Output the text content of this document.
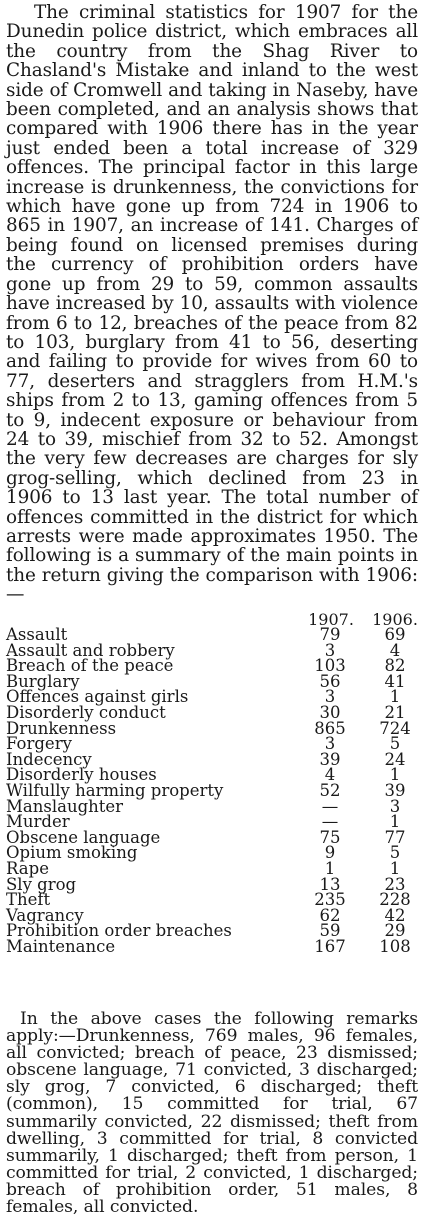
The criminal statistics for 1907 for the Dunedin police district, which embraces all the country from the Shag River to Chasland's Mistake and inland to the west side of Cromwell and taking in Naseby, have been completed, and an analysis shows that compared with 1906 there has in the year just ended been a total increase of 329 offences. The principal factor in this large increase is drunkenness, the convictions for which have gone up from 724 in 1906 to 865 in 1907, an increase of 141. Charges of being found on licensed premises during the currency of prohibition orders have gone up from 29 to 59, common assaults have increased by 10, assaults with violence from 6 to 12, breaches of the peace from 82 to 103, burglary from 41 to 56, deserting and failing to provide for wives from 60 to 77, deserters and stragglers from H.M.'s ships from 2 to 13, gaming offences from 5 to 9, indecent exposure or behaviour from 24 to 39, mischief from 32 to 52. Amongst the very few decreases are charges for sly grog-selling, which declined from 23 in 1906 to 13 last year. The total number of offences committed in the district for which arrests were made approximates 1950. The following is a summary of the main points in the return giving the comparison with 1906:—

1907. 1906.
Assault	79	69
Assault and robbery	3	4
Breach of the peace	103	82
Burglary	56	41
Offences against girls	3	1
Disorderly conduct	30	21
Drunkenness	865	724
Forgery	3	5
Indecency	39	24
Disorderly houses	4	1
Wilfully harming property	52	39
Manslaughter	—	3
Murder	—	1
Obscene language	75	77
Opium smoking	9	5
Rape	1	1
Sly grog	13	23
Theft	235	228
Vagrancy	62	42
Prohibition order breaches	59	29
Maintenance	167	108

In the above cases the following remarks apply:—Drunkenness, 769 males, 96 females, all convicted; breach of peace, 23 dismissed; obscene language, 71 convicted, 3 discharged; sly grog, 7 convicted, 6 discharged; theft (common), 15 committed for trial, 67 summarily convicted, 22 dismissed; theft from dwelling, 3 committed for trial, 8 convicted summarily, 1 discharged; theft from person, 1 committed for trial, 2 convicted, 1 discharged; breach of prohibition order, 51 males, 8 females, all convicted.
